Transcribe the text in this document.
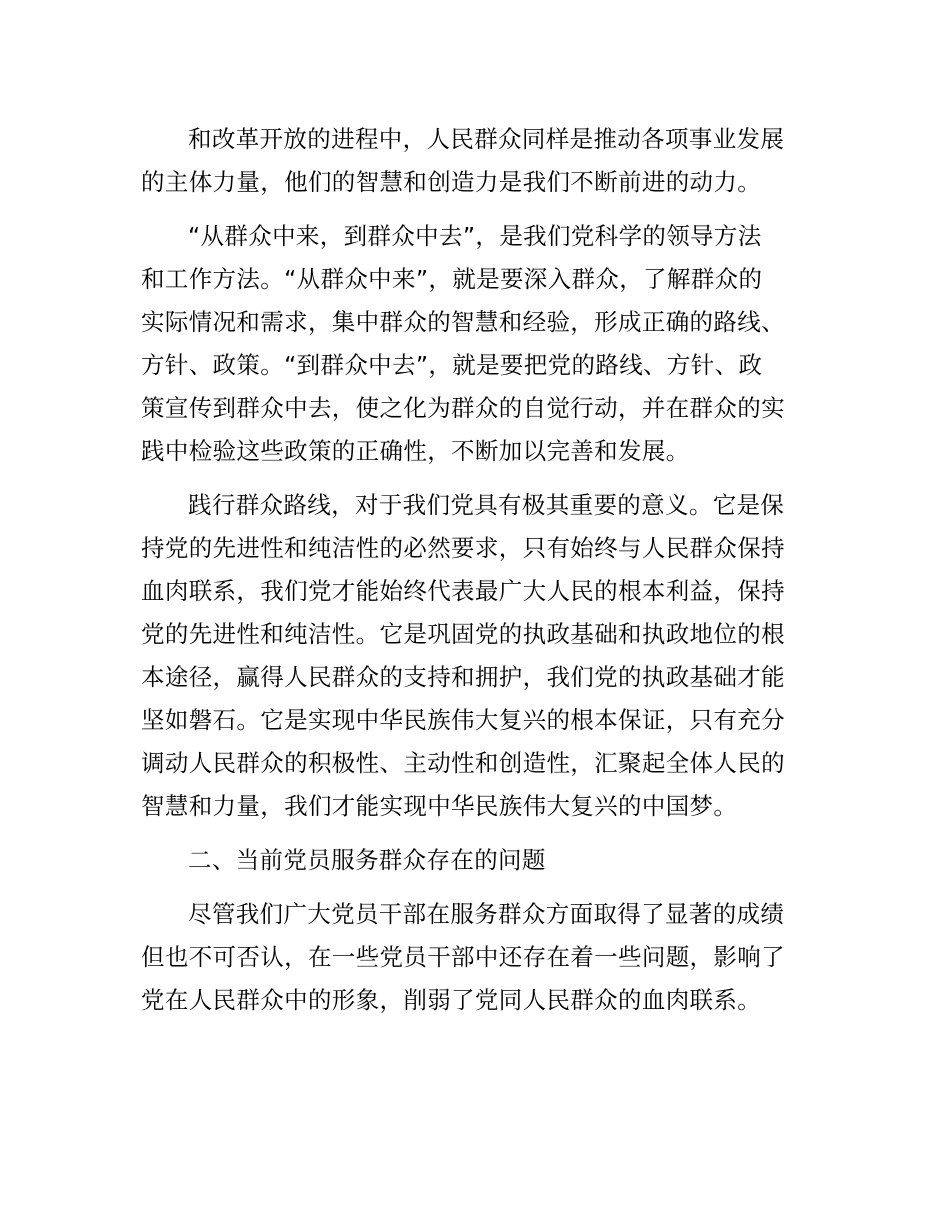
和改革开放的进程中，人民群众同样是推动各项事业发展
的主体力量，他们的智慧和创造力是我们不断前进的动力。
“从群众中来，到群众中去”，是我们党科学的领导方法
和工作方法。“从群众中来”，就是要深入群众，了解群众的
实际情况和需求，集中群众的智慧和经验，形成正确的路线、
方针、政策。“到群众中去”，就是要把党的路线、方针、政
策宣传到群众中去，使之化为群众的自觉行动，并在群众的实
践中检验这些政策的正确性，不断加以完善和发展。
践行群众路线，对于我们党具有极其重要的意义。它是保
持党的先进性和纯洁性的必然要求，只有始终与人民群众保持
血肉联系，我们党才能始终代表最广大人民的根本利益，保持
党的先进性和纯洁性。它是巩固党的执政基础和执政地位的根
本途径，赢得人民群众的支持和拥护，我们党的执政基础才能
坚如磐石。它是实现中华民族伟大复兴的根本保证，只有充分
调动人民群众的积极性、主动性和创造性，汇聚起全体人民的
智慧和力量，我们才能实现中华民族伟大复兴的中国梦。
二、当前党员服务群众存在的问题
尽管我们广大党员干部在服务群众方面取得了显著的成绩
但也不可否认，在一些党员干部中还存在着一些问题，影响了
党在人民群众中的形象，削弱了党同人民群众的血肉联系。
